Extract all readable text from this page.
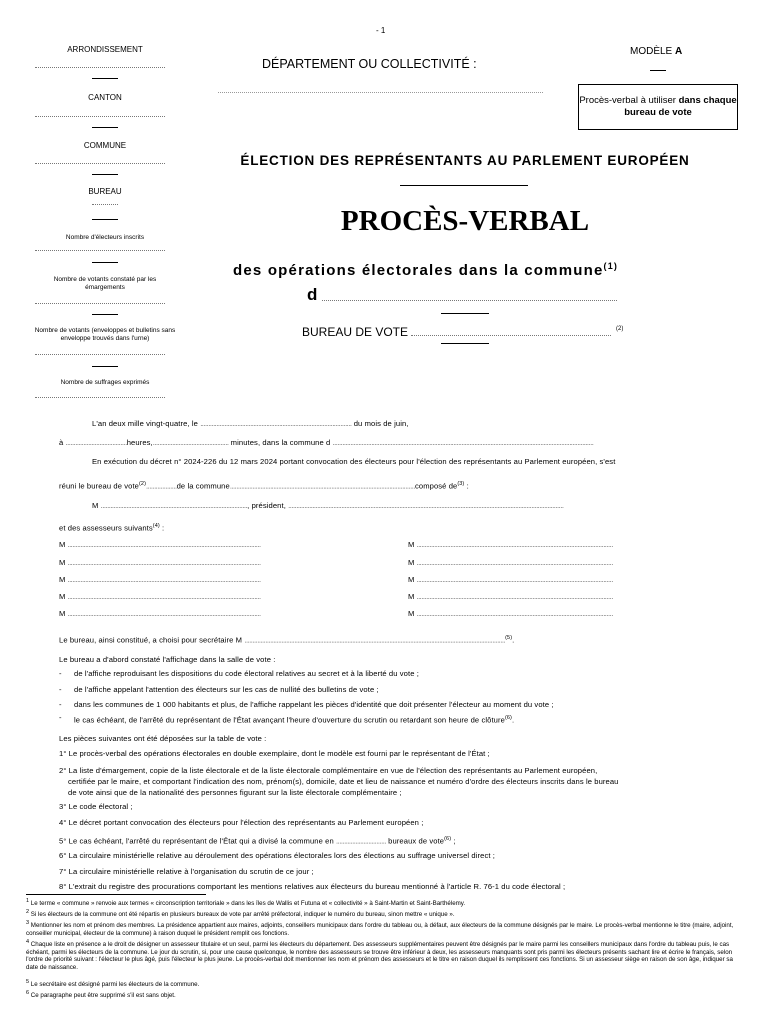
- 1
ARRONDISSEMENT
CANTON
COMMUNE
BUREAU
Nombre d'électeurs inscrits
Nombre de votants constaté par les émargements
Nombre de votants (enveloppes et bulletins sans enveloppe trouvés dans l'urne)
Nombre de suffrages exprimés
DÉPARTEMENT OU COLLECTIVITÉ :
MODÈLE A
Procès-verbal à utiliser dans chaque bureau de vote
ÉLECTION DES REPRÉSENTANTS AU PARLEMENT EUROPÉEN
PROCÈS-VERBAL
des opérations électorales dans la commune$^{(1)}$
d
BUREAU DE VOTE	(2)
L'an deux mille vingt-quatre, le .............................................................................................. du mois de juin,
à ......................................heures,............................................... minutes, dans la commune d ..................................................................................................................................................................
En exécution du décret n° 2024-226 du 12 mars 2024 portant convocation des électeurs pour l'élection des représentants au Parlement européen, s'est
réuni le bureau de vote$^{(2)}$...................de la commune...................................................................................................................composé $de^{(3)}$ :
M ..........................................................................................., président, ...........................................................................................................................................................................
et des assesseurs suivants$^{(4)}$ :
M ........................................................................................................................	M ..........................................................................................................................
M ........................................................................................................................	M ..........................................................................................................................
M ........................................................................................................................	M ..........................................................................................................................
M ........................................................................................................................	M ..........................................................................................................................
M ........................................................................................................................	M ..........................................................................................................................
Le bureau, ainsi constitué, a choisi pour secrétaire M ..................................................................................................................................................................$^{(5)}$.
Le bureau a d'abord constaté l'affichage dans la salle de vote :
- de l'affiche reproduisant les dispositions du code électoral relatives au secret et à la liberté du vote ;
- de l'affiche appelant l'attention des électeurs sur les cas de nullité des bulletins de vote ;
- dans les communes de 1 000 habitants et plus, de l'affiche rappelant les pièces d'identité que doit présenter l'électeur au moment du vote ;
- le cas échéant, de l'arrêté du représentant de l'État avançant l'heure d'ouverture du scrutin ou retardant son heure de clôture$^{(6)}$.
Les pièces suivantes ont été déposées sur la table de vote :
1° Le procès-verbal des opérations électorales en double exemplaire, dont le modèle est fourni par le représentant de l'État ;
2° La liste d'émargement, copie de la liste électorale et de la liste électorale complémentaire en vue de l'élection des représentants au Parlement européen,
certifiée par le maire, et comportant l'indication des nom, prénom(s), domicile, date et lieu de naissance et numéro d'ordre des électeurs inscrits dans le bureau
de vote ainsi que de la nationalité des personnes figurant sur la liste électorale complémentaire ;
3° Le code électoral ;
4° Le décret portant convocation des électeurs pour l'élection des représentants au Parlement européen ;
5° Le cas échéant, l'arrêté du représentant de l'État qui a divisé la commune en ............................... bureaux de vote$^{(6)}$ ;
6° La circulaire ministérielle relative au déroulement des opérations électorales lors des élections au suffrage universel direct ;
7° La circulaire ministérielle relative à l'organisation du scrutin de ce jour ;
8° L'extrait du registre des procurations comportant les mentions relatives aux électeurs du bureau mentionné à l'article R. 76-1 du code électoral ;
$^1$ Le terme « commune » renvoie aux termes « circonscription territoriale » dans les îles de Wallis et Futuna et « collectivité » à Saint-Martin et Saint-Barthélemy.
$^2$ Si les électeurs de la commune ont été répartis en plusieurs bureaux de vote par arrêté préfectoral, indiquer le numéro du bureau, sinon mettre « unique ».
$^3$ Mentionner les nom et prénom des membres. La présidence appartient aux maires, adjoints, conseillers municipaux dans l'ordre du tableau ou, à défaut, aux électeurs de la commune désignés par le maire. Le procès-verbal mentionne le titre (maire, adjoint, conseiller municipal, électeur de la commune) à raison duquel le président remplit ces fonctions.
$^4$ Chaque liste en présence a le droit de désigner un assesseur titulaire et un seul, parmi les électeurs du département. Des assesseurs supplémentaires peuvent être désignés par le maire parmi les conseillers municipaux dans l'ordre du tableau puis, le cas échéant, parmi les électeurs de la commune. Le jour du scrutin, si, pour une cause quelconque, le nombre des assesseurs se trouve être inférieur à deux, les assesseurs manquants sont pris parmi les électeurs présents sachant lire et écrire le français, selon l'ordre de priorité suivant : l'électeur le plus âgé, puis l'électeur le plus jeune. Le procès-verbal doit mentionner les nom et prénom des assesseurs et le titre en raison duquel ils remplissent ces fonctions. Si un assesseur siège en raison de son âge, indiquer sa date de naissance.
$^5$ Le secrétaire est désigné parmi les électeurs de la commune.
$^6$ Ce paragraphe peut être supprimé s'il est sans objet.
